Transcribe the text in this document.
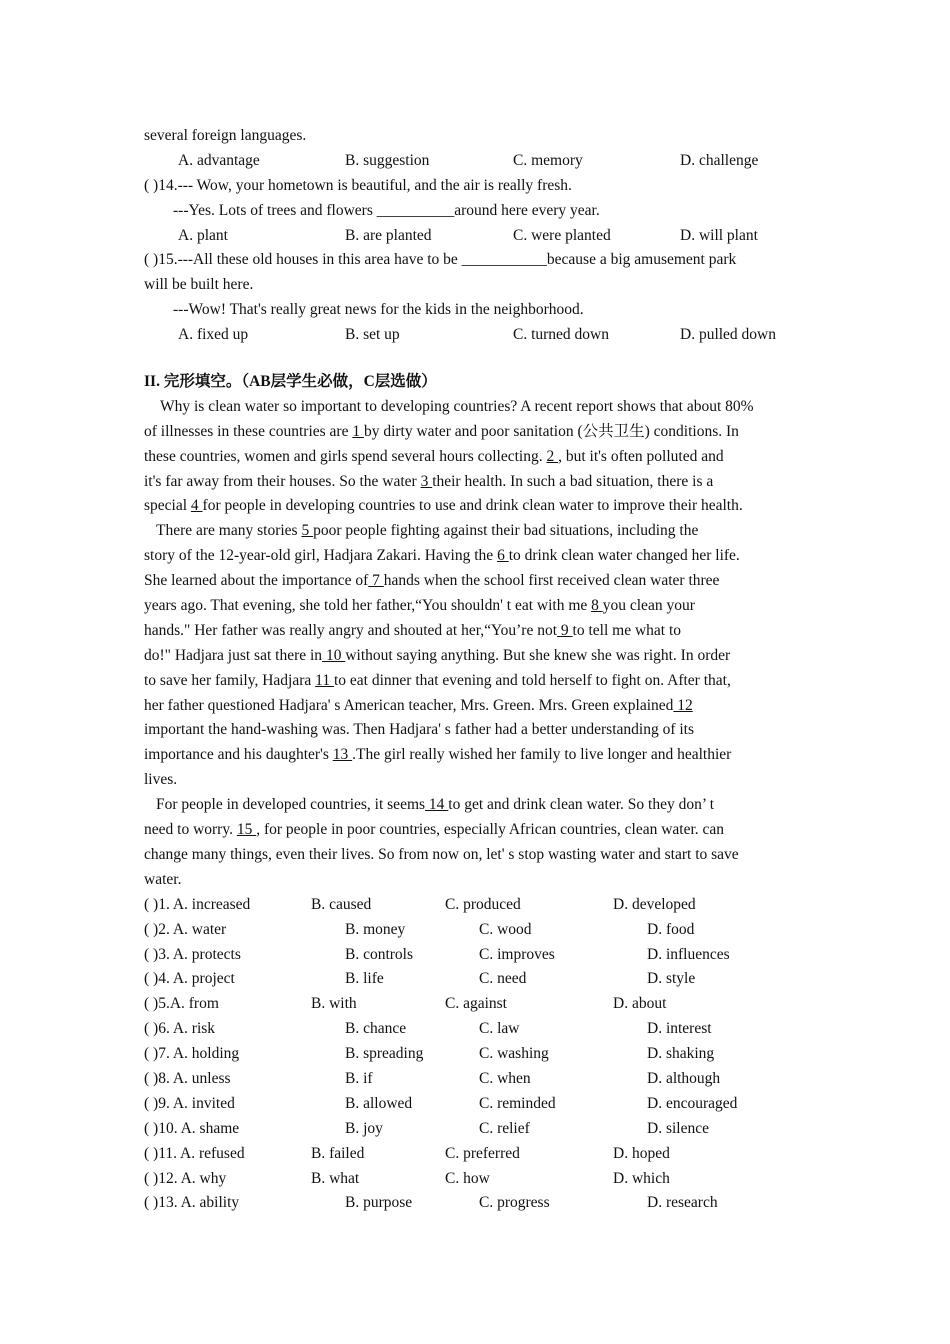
several foreign languages.
A. advantage	B. suggestion	C. memory	D. challenge
( )14.--- Wow, your hometown is beautiful, and the air is really fresh.
---Yes. Lots of trees and flowers __________around here every year.
A. plant	B. are planted	C. were planted	D. will plant
( )15.---All these old houses in this area have to be ___________because a big amusement park
will be built here.
---Wow! That's really great news for the kids in the neighborhood.
A. fixed up	B. set up	C. turned down	D. pulled down
II. 完形填空。（AB层学生必做，C层选做）
Why is clean water so important to developing countries? A recent report shows that about 80%
of illnesses in these countries are 1 by dirty water and poor sanitation (公共卫生) conditions. In
these countries, women and girls spend several hours collecting. 2 , but it's often polluted and
it's far away from their houses. So the water 3 their health. In such a bad situation, there is a
special 4 for people in developing countries to use and drink clean water to improve their health.
There are many stories 5 poor people fighting against their bad situations, including the
story of the 12-year-old girl, Hadjara Zakari. Having the 6 to drink clean water changed her life.
She learned about the importance of 7 hands when the school first received clean water three
years ago. That evening, she told her father,“You shouldn' t eat with me 8 you clean your
hands." Her father was really angry and shouted at her,“You’re not 9 to tell me what to
do!" Hadjara just sat there in 10 without saying anything. But she knew she was right. In order
to save her family, Hadjara 11 to eat dinner that evening and told herself to fight on. After that,
her father questioned Hadjara' s American teacher, Mrs. Green. Mrs. Green explained 12
important the hand-washing was. Then Hadjara' s father had a better understanding of its
importance and his daughter's 13 .The girl really wished her family to live longer and healthier
lives.
For people in developed countries, it seems 14 to get and drink clean water. So they don’ t
need to worry. 15 , for people in poor countries, especially African countries, clean water. can
change many things, even their lives. So from now on, let' s stop wasting water and start to save
water.
( )1. A. increased	B. caused	C. produced	D. developed
( )2. A. water	B. money	C. wood	D. food
( )3. A. protects	B. controls	C. improves	D. influences
( )4. A. project	B. life	C. need	D. style
( )5.A. from	B. with	C. against	D. about
( )6. A. risk	B. chance	C. law	D. interest
( )7. A. holding	B. spreading	C. washing	D. shaking
( )8. A. unless	B. if	C. when	D. although
( )9. A. invited	B. allowed	C. reminded	D. encouraged
( )10. A. shame	B. joy	C. relief	D. silence
( )11. A. refused	B. failed	C. preferred	D. hoped
( )12. A. why	B. what	C. how	D. which
( )13. A. ability	B. purpose	C. progress	D. research
